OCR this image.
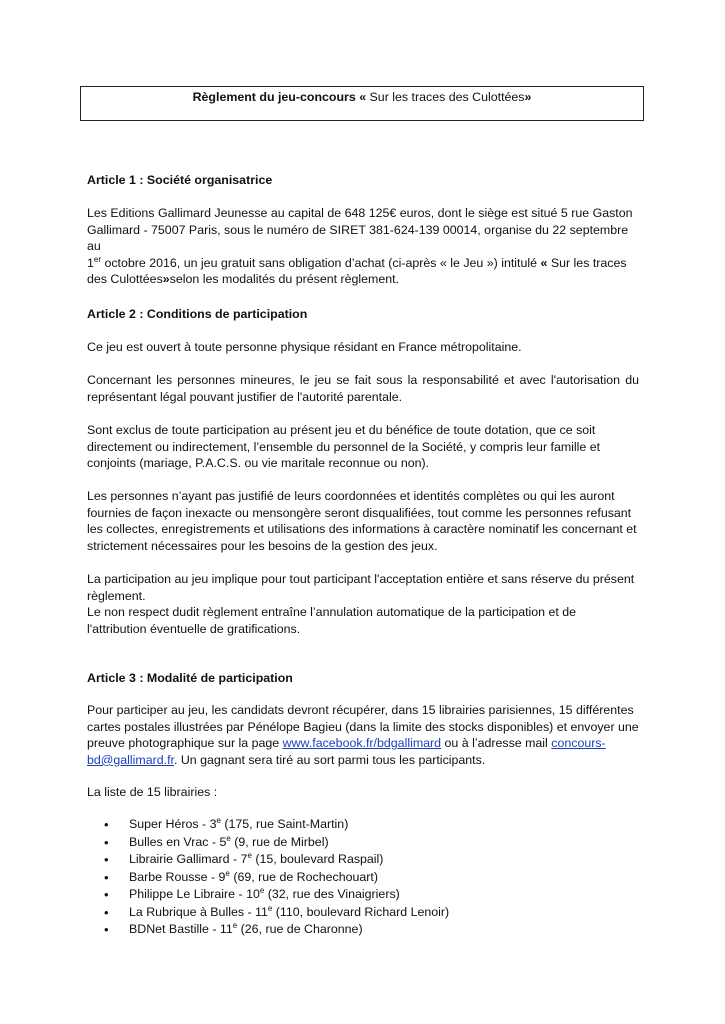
Règlement du jeu-concours « Sur les traces des Culottées»
Article 1 : Société organisatrice
Les Editions Gallimard Jeunesse au capital de 648 125€ euros, dont le siège est situé 5 rue Gaston
Gallimard - 75007 Paris, sous le numéro de SIRET 381-624-139 00014, organise du 22 septembre au
1er octobre 2016, un jeu gratuit sans obligation d’achat (ci-après « le Jeu ») intitulé « Sur les traces
des Culottées»selon les modalités du présent règlement.
Article 2 : Conditions de participation
Ce jeu est ouvert à toute personne physique résidant en France métropolitaine.
Concernant les personnes mineures, le jeu se fait sous la responsabilité et avec l'autorisation du représentant légal pouvant justifier de l'autorité parentale.
Sont exclus de toute participation au présent jeu et du bénéfice de toute dotation, que ce soit
directement ou indirectement, l’ensemble du personnel de la Société, y compris leur famille et
conjoints (mariage, P.A.C.S. ou vie maritale reconnue ou non).
Les personnes n’ayant pas justifié de leurs coordonnées et identités complètes ou qui les auront
fournies de façon inexacte ou mensongère seront disqualifiées, tout comme les personnes refusant
les collectes, enregistrements et utilisations des informations à caractère nominatif les concernant et
strictement nécessaires pour les besoins de la gestion des jeux.
La participation au jeu implique pour tout participant l'acceptation entière et sans réserve du présent
règlement.
Le non respect dudit règlement entraîne l’annulation automatique de la participation et de
l'attribution éventuelle de gratifications.
Article 3 : Modalité de participation
Pour participer au jeu, les candidats devront récupérer, dans 15 librairies parisiennes, 15 différentes
cartes postales illustrées par Pénélope Bagieu (dans la limite des stocks disponibles) et envoyer une
preuve photographique sur la page www.facebook.fr/bdgallimard ou à l’adresse mail concours-
bd@gallimard.fr. Un gagnant sera tiré au sort parmi tous les participants.
La liste de 15 librairies :
• Super Héros - 3e (175, rue Saint-Martin)
• Bulles en Vrac - 5e (9, rue de Mirbel)
• Librairie Gallimard - 7e (15, boulevard Raspail)
• Barbe Rousse - 9e (69, rue de Rochechouart)
• Philippe Le Libraire - 10e (32, rue des Vinaigriers)
• La Rubrique à Bulles - 11e (110, boulevard Richard Lenoir)
• BDNet Bastille - 11e (26, rue de Charonne)
